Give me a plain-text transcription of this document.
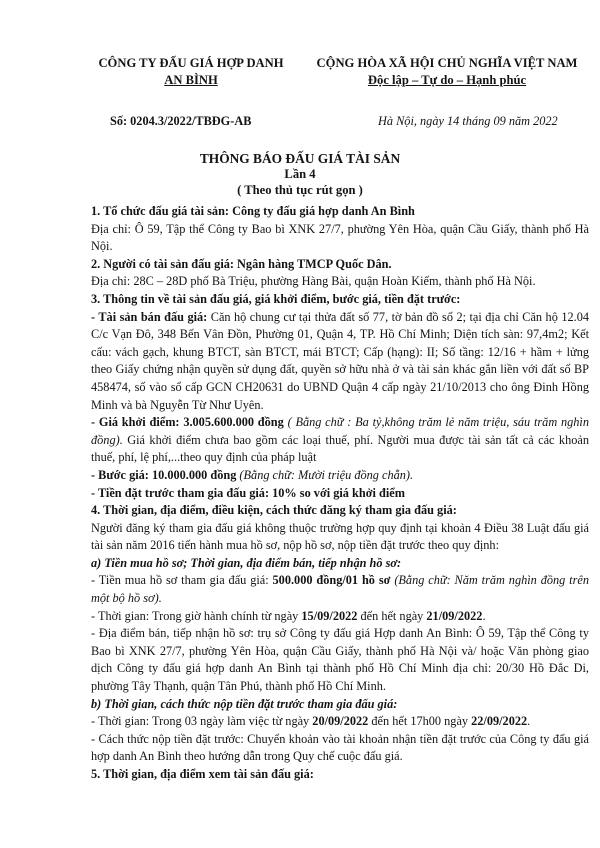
CÔNG TY ĐẤU GIÁ HỢP DANH
AN BÌNH
CỘNG HÒA XÃ HỘI CHỦ NGHĨA VIỆT NAM
Độc lập – Tự do – Hạnh phúc
Số: 0204.3/2022/TBĐG-AB	Hà Nội, ngày 14 tháng 09 năm 2022
THÔNG BÁO ĐẤU GIÁ TÀI SẢN
Lần 4
( Theo thủ tục rút gọn )

1. Tổ chức đấu giá tài sản: Công ty đấu giá hợp danh An Bình

Địa chỉ: Ô 59, Tập thể Công ty Bao bì XNK 27/7, phường Yên Hòa, quận Cầu Giấy, thành phố Hà Nội.

2. Người có tài sản đấu giá: Ngân hàng TMCP Quốc Dân.

Địa chỉ: 28C – 28D phố Bà Triệu, phường Hàng Bài, quận Hoàn Kiếm, thành phố Hà Nội.

3. Thông tin về tài sản đấu giá, giá khởi điểm, bước giá, tiền đặt trước:

- Tài sản bán đấu giá: Căn hộ chung cư tại thửa đất số 77, tờ bản đồ số 2; tại địa chỉ Căn hộ 12.04 C/c Vạn Đô, 348 Bến Vân Đồn, Phường 01, Quận 4, TP. Hồ Chí Minh; Diện tích sàn: 97,4m2; Kết cấu: vách gạch, khung BTCT, sàn BTCT, mái BTCT; Cấp (hạng): II; Số tầng: 12/16 + hầm + lửng theo Giấy chứng nhận quyền sử dụng đất, quyền sở hữu nhà ở và tài sản khác gắn liền với đất số BP 458474, số vào sổ cấp GCN CH20631 do UBND Quận 4 cấp ngày 21/10/2013 cho ông Đinh Hồng Minh và bà Nguyễn Từ Như Uyên.

- Giá khởi điểm: 3.005.600.000 đồng ( Bằng chữ : Ba tỷ,không trăm lẻ năm triệu, sáu trăm nghìn đồng). Giá khởi điểm chưa bao gồm các loại thuế, phí. Người mua được tài sản tất cả các khoản thuế, phí, lệ phí,...theo quy định của pháp luật

- Bước giá: 10.000.000 đồng (Bằng chữ: Mười triệu đồng chẵn).

- Tiền đặt trước tham gia đấu giá: 10% so với giá khởi điểm

4. Thời gian, địa điểm, điều kiện, cách thức đăng ký tham gia đấu giá:

Người đăng ký tham gia đấu giá không thuộc trường hợp quy định tại khoản 4 Điều 38 Luật đấu giá tài sản năm 2016 tiến hành mua hồ sơ, nộp hồ sơ, nộp tiền đặt trước theo quy định:

a) Tiền mua hồ sơ; Thời gian, địa điểm bán, tiếp nhận hồ sơ:

- Tiền mua hồ sơ tham gia đấu giá: 500.000 đồng/01 hồ sơ (Bằng chữ: Năm trăm nghìn đồng trên một bộ hồ sơ).

- Thời gian: Trong giờ hành chính từ ngày 15/09/2022 đến hết ngày 21/09/2022.

- Địa điểm bán, tiếp nhận hồ sơ: trụ sở Công ty đấu giá Hợp danh An Bình: Ô 59, Tập thể Công ty Bao bì XNK 27/7, phường Yên Hòa, quận Cầu Giấy, thành phố Hà Nội và/ hoặc Văn phòng giao dịch Công ty đấu giá hợp danh An Bình tại thành phố Hồ Chí Minh địa chỉ: 20/30 Hồ Đắc Di, phường Tây Thạnh, quận Tân Phú, thành phố Hồ Chí Minh.

b) Thời gian, cách thức nộp tiền đặt trước tham gia đấu giá:

- Thời gian: Trong 03 ngày làm việc từ ngày 20/09/2022 đến hết 17h00 ngày 22/09/2022.

- Cách thức nộp tiền đặt trước: Chuyển khoản vào tài khoản nhận tiền đặt trước của Công ty đấu giá hợp danh An Bình theo hướng dẫn trong Quy chế cuộc đấu giá.

5. Thời gian, địa điểm xem tài sản đấu giá:
